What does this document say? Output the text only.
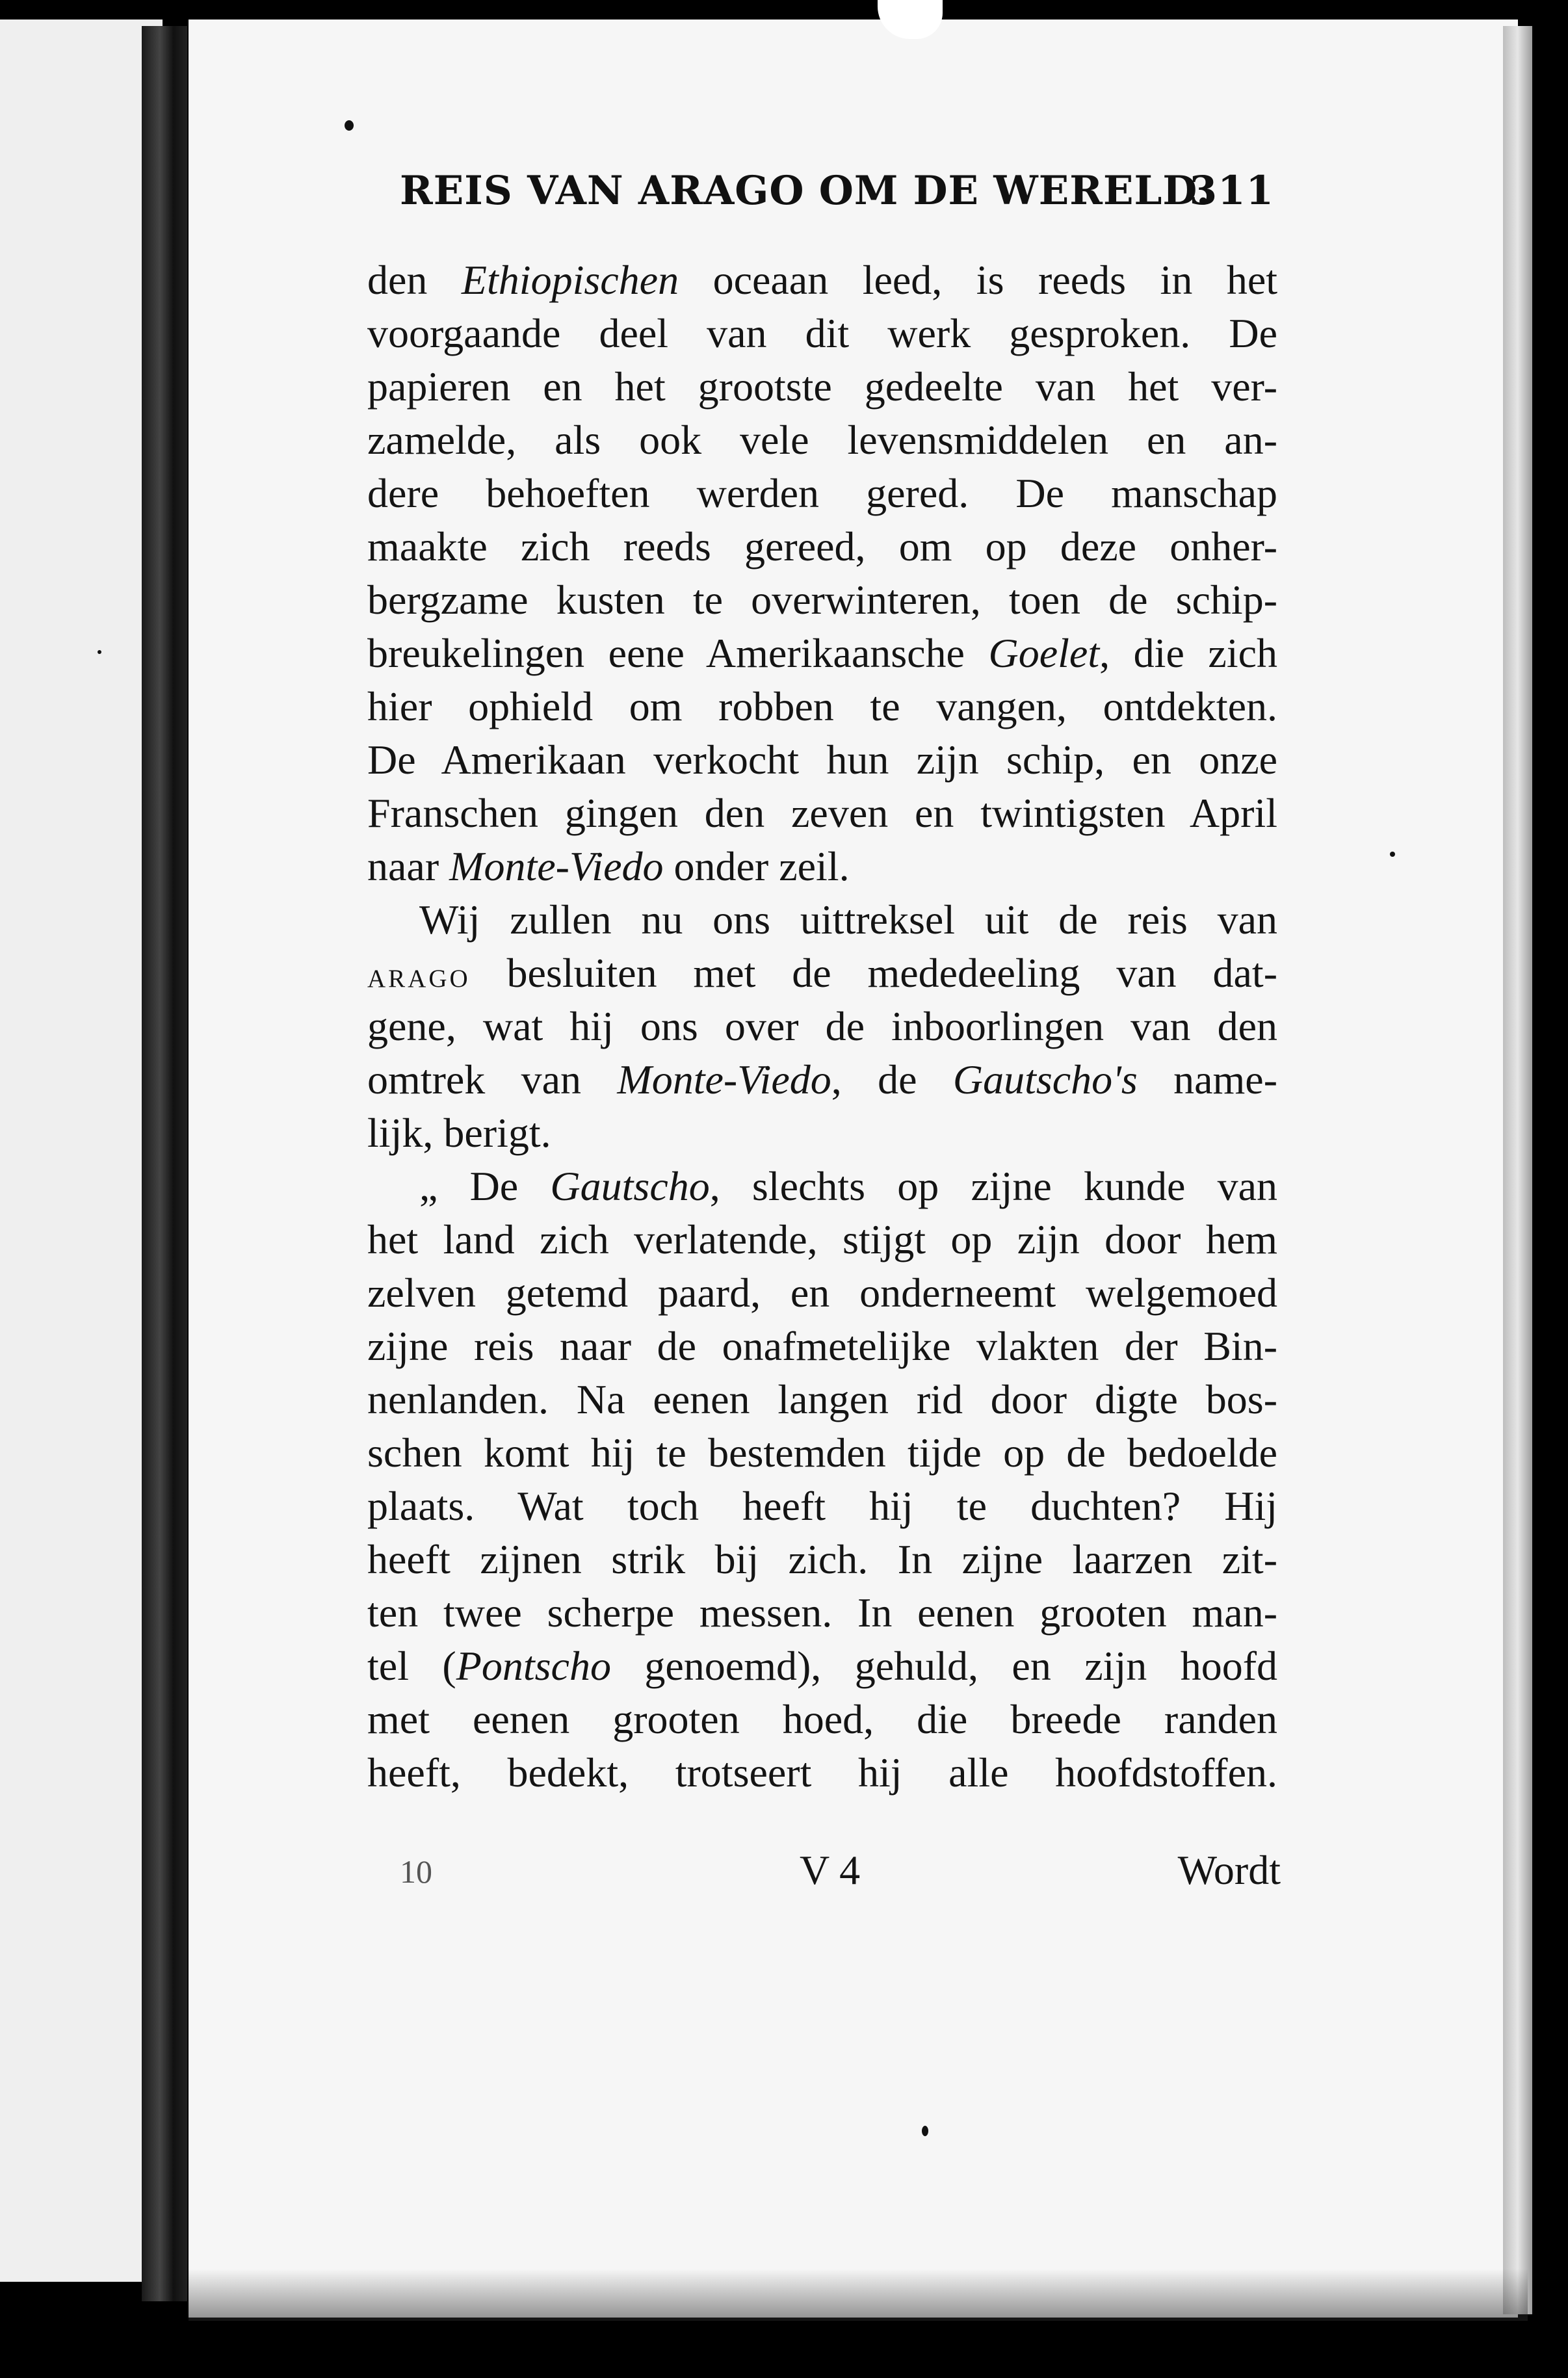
REIS VAN ARAGO OM DE WERELD.
311
den Ethiopischen oceaan leed, is reeds in het
voorgaande deel van dit werk gesproken. De
papieren en het grootste gedeelte van het ver-
zamelde, als ook vele levensmiddelen en an-
dere behoeften werden gered. De manschap
maakte zich reeds gereed, om op deze onher-
bergzame kusten te overwinteren, toen de schip-
breukelingen eene Amerikaansche Goelet, die zich
hier ophield om robben te vangen, ontdekten.
De Amerikaan verkocht hun zijn schip, en onze
Franschen gingen den zeven en twintigsten April
naar Monte-Viedo onder zeil.
Wij zullen nu ons uittreksel uit de reis van
arago besluiten met de mededeeling van dat-
gene, wat hij ons over de inboorlingen van den
omtrek van Monte-Viedo, de Gautscho's name-
lijk, berigt.
„ De Gautscho, slechts op zijne kunde van
het land zich verlatende, stijgt op zijn door hem
zelven getemd paard, en onderneemt welgemoed
zijne reis naar de onafmetelijke vlakten der Bin-
nenlanden. Na eenen langen rid door digte bos-
schen komt hij te bestemden tijde op de bedoelde
plaats. Wat toch heeft hij te duchten? Hij
heeft zijnen strik bij zich. In zijne laarzen zit-
ten twee scherpe messen. In eenen grooten man-
tel (Pontscho genoemd), gehuld, en zijn hoofd
met eenen grooten hoed, die breede randen
heeft, bedekt, trotseert hij alle hoofdstoffen.
10	V 4	Wordt
